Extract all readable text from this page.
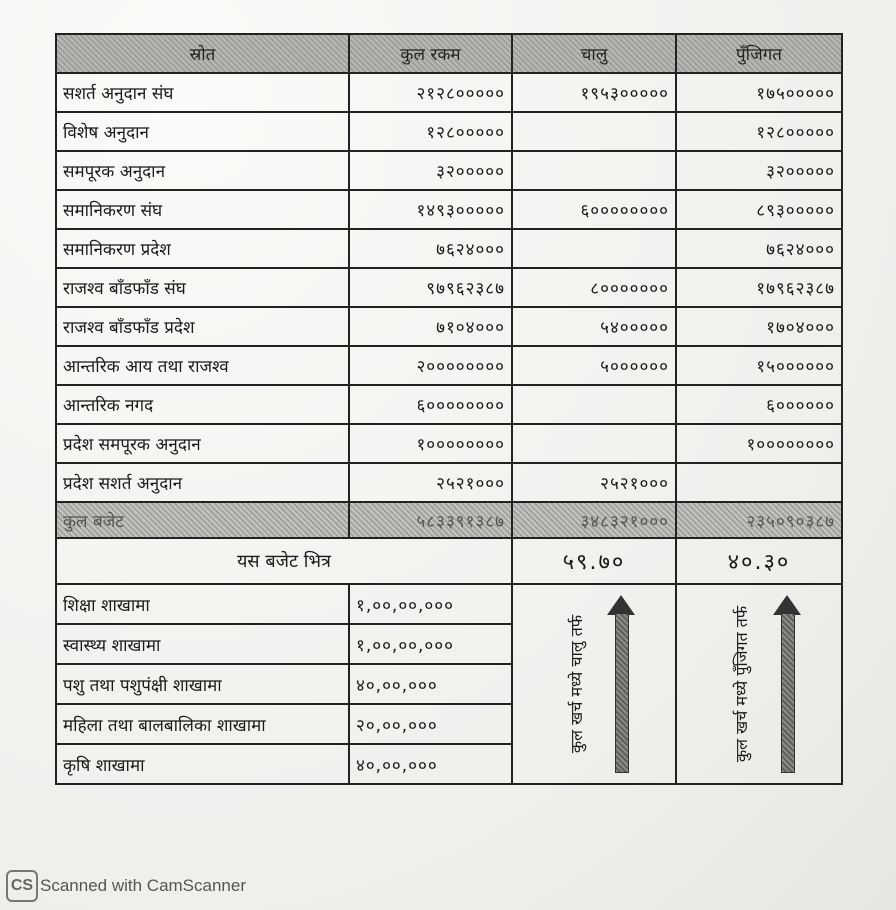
स्रोत	कुल रकम	चालु	पुँजिगत
सशर्त अनुदान संघ	२१२८०००००	१९५३०००००	१७५०००००
विशेष अनुदान	१२८०००००		१२८०००००
समपूरक अनुदान	३२०००००		३२०००००
समानिकरण संघ	१४९३०००००	६००००००००	८९३०००००
समानिकरण प्रदेश	७६२४०००		७६२४०००
राजश्व बाँडफाँड संघ	९७९६२३८७	८०००००००	१७९६२३८७
राजश्व बाँडफाँड प्रदेश	७१०४०००	५४०००००	१७०४०००
आन्तरिक आय तथा राजश्व	२००००००००	५००००००	१५००००००
आन्तरिक नगद	६००००००००		६००००००
प्रदेश समपूरक अनुदान	१००००००००		१००००००००
प्रदेश सशर्त अनुदान	२५२१०००	२५२१०००	
कुल बजेट	५८३३९१३८७	३४८३२१०००	२३५०९०३८७
यस बजेट भित्र		५९.७०	४०.३०
शिक्षा शाखामा	१,००,००,०००	कुल खर्च मध्ये चालु तर्फ	कुल खर्च मध्ये पुँजिगत तर्फ

स्वास्थ्य शाखामा	१,००,००,०००		
पशु तथा पशुपंक्षी शाखामा	४०,००,०००		
महिला तथा बालबालिका शाखामा	२०,००,०००		
कृषि शाखामा	४०,००,०००		
CS Scanned with CamScanner
